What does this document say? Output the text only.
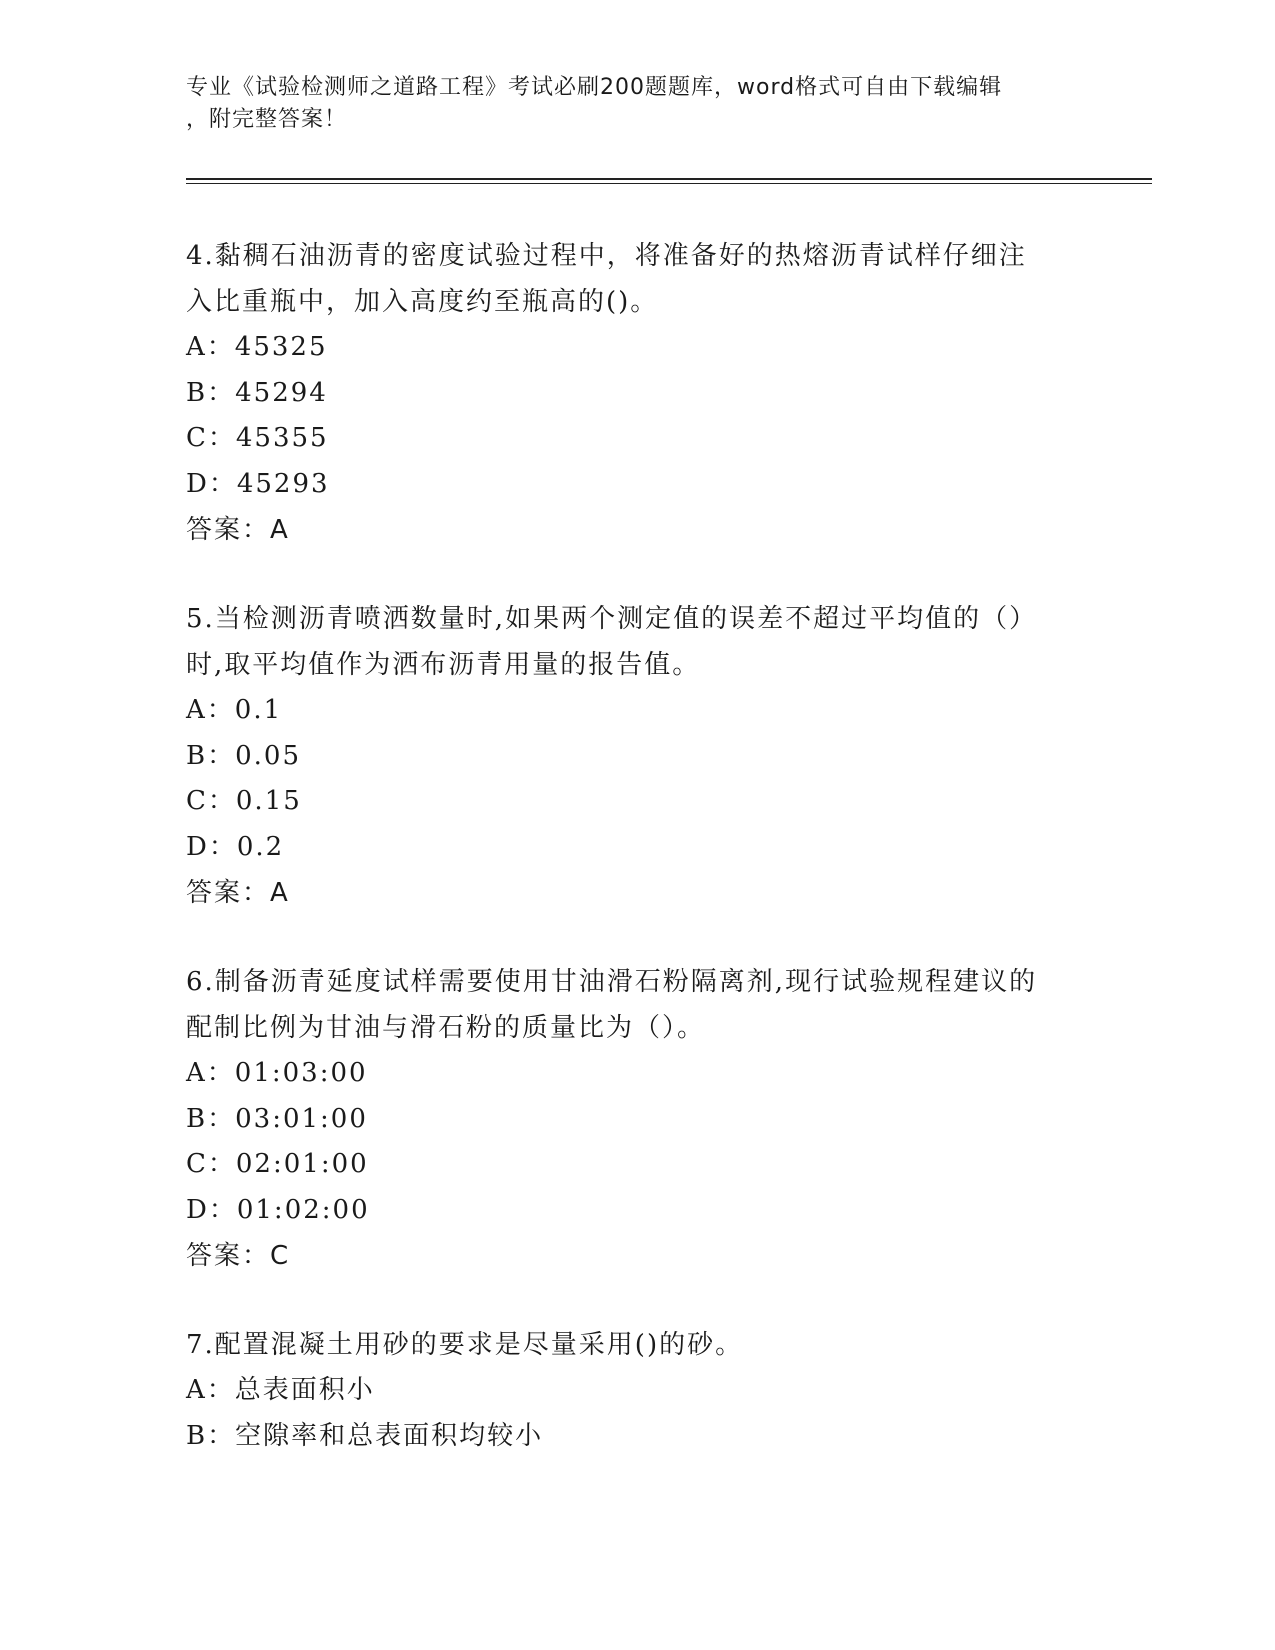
专业《试验检测师之道路工程》考试必刷200题题库，word格式可自由下载编辑
，附完整答案！

4.黏稠石油沥青的密度试验过程中，将准备好的热熔沥青试样仔细注

入比重瓶中，加入高度约至瓶高的()。

A：45325

B：45294

C：45355

D：45293

答案：A

5.当检测沥青喷洒数量时,如果两个测定值的误差不超过平均值的（）

时,取平均值作为洒布沥青用量的报告值。

A：0.1

B：0.05

C：0.15

D：0.2

答案：A

6.制备沥青延度试样需要使用甘油滑石粉隔离剂,现行试验规程建议的

配制比例为甘油与滑石粉的质量比为（）。

A：01:03:00

B：03:01:00

C：02:01:00

D：01:02:00

答案：C

7.配置混凝土用砂的要求是尽量采用()的砂。

A：总表面积小

B：空隙率和总表面积均较小
